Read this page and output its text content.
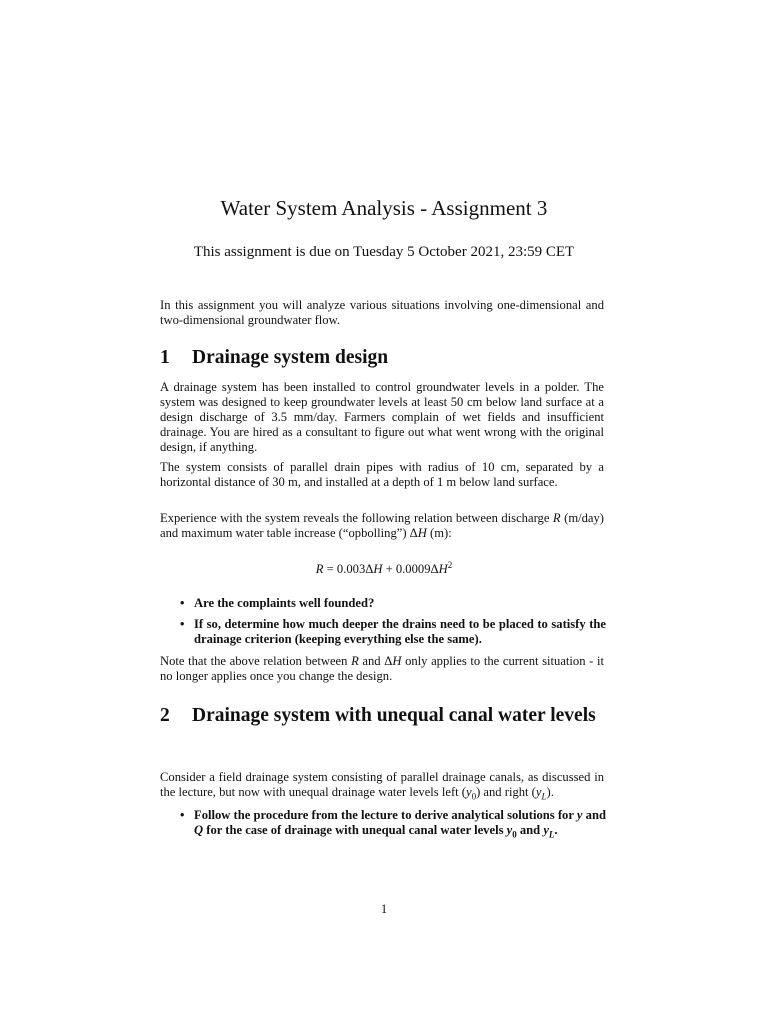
Water System Analysis - Assignment 3
This assignment is due on Tuesday 5 October 2021, 23:59 CET

In this assignment you will analyze various situations involving one-dimensional and two-dimensional groundwater flow.

1 Drainage system design

A drainage system has been installed to control groundwater levels in a polder. The system was designed to keep groundwater levels at least 50 cm below land surface at a design discharge of 3.5 mm/day. Farmers complain of wet fields and insufficient drainage. You are hired as a consultant to figure out what went wrong with the original design, if anything.

The system consists of parallel drain pipes with radius of 10 cm, separated by a horizontal distance of 30 m, and installed at a depth of 1 m below land surface.

Experience with the system reveals the following relation between discharge R (m/day) and maximum water table increase (“opbolling”) ΔH (m):

$R = 0.003\Delta H + 0.0009\Delta H^2$
• Are the complaints well founded?
• If so, determine how much deeper the drains need to be placed to satisfy the drainage criterion (keeping everything else the same).

Note that the above relation between R and ΔH only applies to the current situation - it no longer applies once you change the design.

2 Drainage system with unequal canal water levels

Consider a field drainage system consisting of parallel drainage canals, as discussed in the lecture, but now with unequal drainage water levels left $(y_0)$ and right $(y_L)$.

• Follow the procedure from the lecture to derive analytical solutions for y and Q for the case of drainage with unequal canal water levels $y_0$ and $y_L$.
1
